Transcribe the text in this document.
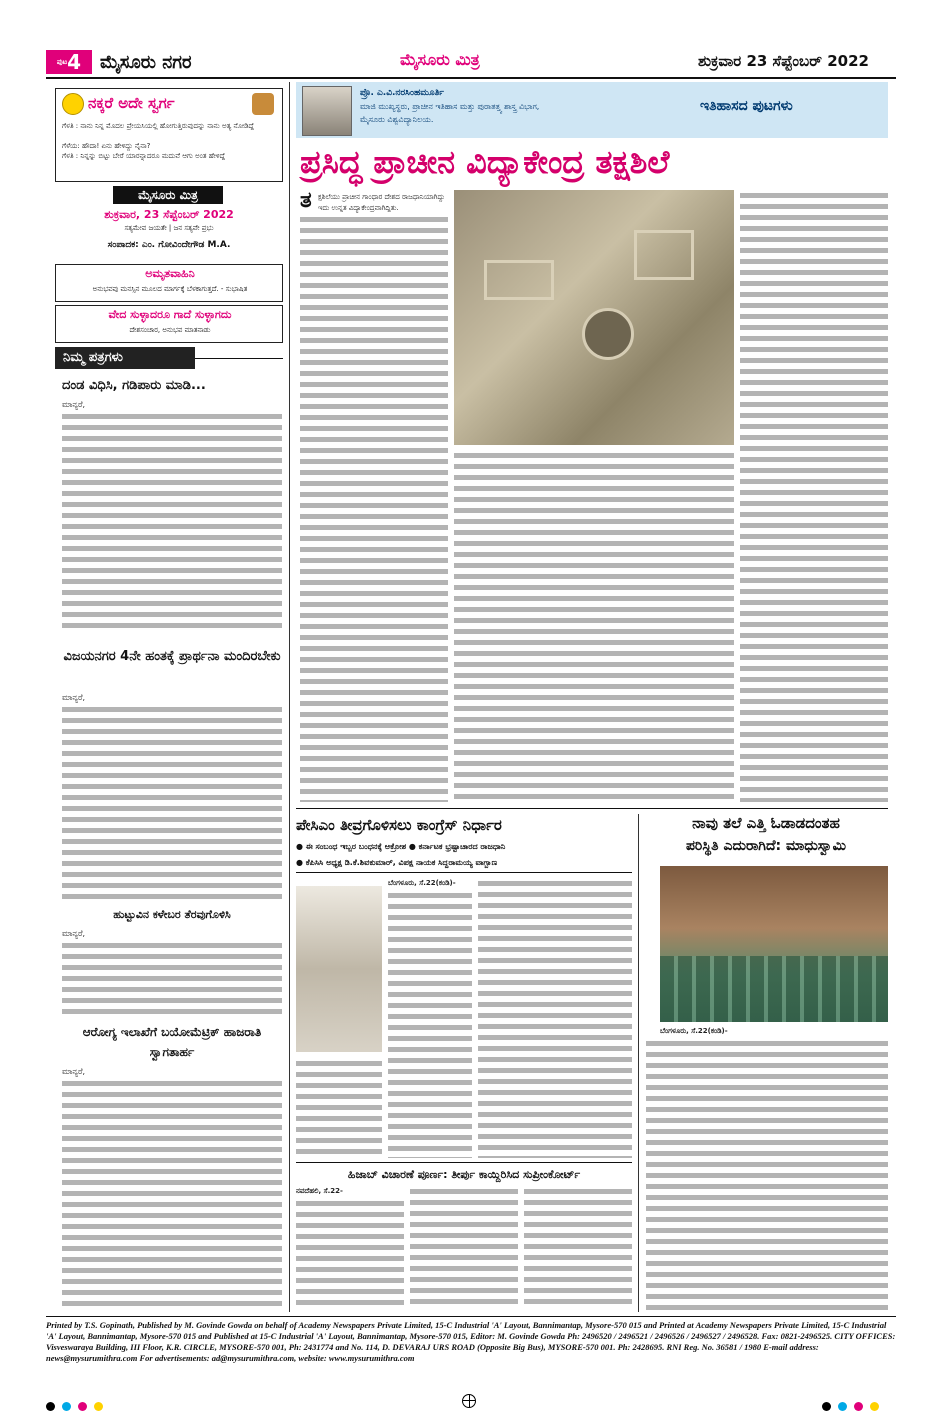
$^{ಪುಟ}$4	ಮೈಸೂರು ನಗರ	ಮೈಸೂರು ಮಿತ್ರ	ಶುಕ್ರವಾರ 23 ಸೆಪ್ಟೆಂಬರ್ 2022
ನಕ್ಕರೆ ಅದೇ ಸ್ವರ್ಗ
ಗೆಳತಿ : ನಾನು ನಿನ್ನ ಮೊದಲ ಪ್ರೇಯಸಿಯಲ್ಲಿ ಹೋಗುತ್ತಿರುವುದನ್ನು ನಾನು ಅತ್ಯ ನೋಡಿದ್ದೆ
ಗೆಳೆಯ: ಹೌದಾ! ಏನು ಹೇಳಿದ್ದು ನೈನಾ?
ಗೆಳತಿ : ನಿನ್ನನ್ನು ಬಿಟ್ಟು ಬೇರೆ ಯಾರನ್ನಾದರೂ ಮದುವೆ ಆಗು ಅಂತ ಹೇಳಿದ್ದೆ
ಮೈಸೂರು ಮಿತ್ರ
ಶುಕ್ರವಾರ, 23 ಸೆಪ್ಟೆಂಬರ್ 2022
ಸತ್ಯಮೇವ ಜಯತೇ | ಜನ ಸತ್ಯವೇ ಪ್ರಭು
ಸಂಪಾದಕ: ಎಂ. ಗೋವಿಂದೇಗೌಡ M.A.
ಅಮೃತವಾಹಿನಿ
ಅನುಭವವು ಮನಸ್ಸಿನ ಮೂಲದ ಮಾರ್ಗಕ್ಕೆ ಬೆಳಕಾಗುತ್ತದೆ. - ಸುಭಾಷಿತ
ವೇದ ಸುಳ್ಳಾದರೂ ಗಾದೆ ಸುಳ್ಳಾಗದು
ದೇಶಸಂಚಾರ, ಅನುಭವ ಮಾತನಾಡು
ನಿಮ್ಮ ಪತ್ರಗಳು
ದಂಡ ವಿಧಿಸಿ, ಗಡಿಪಾರು ಮಾಡಿ...
ಮಾನ್ಯರೆ,
ವಿಜಯನಗರ 4ನೇ ಹಂತಕ್ಕೆ ಪ್ರಾರ್ಥನಾ ಮಂದಿರಬೇಕು
ಮಾನ್ಯರೆ,
ಹುಟ್ಟುವಿನ ಕಳೇಬರ ತೆರವುಗೊಳಿಸಿ
ಮಾನ್ಯರೆ,
ಆರೋಗ್ಯ ಇಲಾಖೆಗೆ ಬಯೋಮೆಟ್ರಿಕ್ ಹಾಜರಾತಿ ಸ್ವಾಗತಾರ್ಹ
ಮಾನ್ಯರೆ,
ಪ್ರೊ. ಎ.ವಿ.ನರಸಿಂಹಮೂರ್ತಿ
ಮಾಜಿ ಮುಖ್ಯಸ್ಥರು, ಪ್ರಾಚೀನ ಇತಿಹಾಸ ಮತ್ತು ಪುರಾತತ್ತ್ವ ಶಾಸ್ತ್ರ ವಿಭಾಗ,
ಮೈಸೂರು ವಿಶ್ವವಿದ್ಯಾನಿಲಯ.
ಇತಿಹಾಸದ ಪುಟಗಳು
ಪ್ರಸಿದ್ಧ ಪ್ರಾಚೀನ ವಿದ್ಯಾಕೇಂದ್ರ ತಕ್ಷಶಿಲೆ
ತ ಕ್ಷಶಿಲೆಯು ಪ್ರಾಚೀನ ಗಾಂಧಾರ ದೇಶದ ರಾಜಧಾನಿಯಾಗಿದ್ದು ಇದು ಉನ್ನತ ವಿದ್ಯಾಕೇಂದ್ರವಾಗಿದ್ದಿತು.
ಪೇಸಿಎಂ ತೀವ್ರಗೊಳಿಸಲು ಕಾಂಗ್ರೆಸ್ ನಿರ್ಧಾರ
● ಈ ಸಂಬಂಧ ಇಬ್ಬರ ಬಂಧನಕ್ಕೆ ಆಕ್ರೋಶ ● ಕರ್ನಾಟಕ ಭ್ರಷ್ಟಾಚಾರದ ರಾಜಧಾನಿ
● ಕೆಪಿಸಿಸಿ ಅಧ್ಯಕ್ಷ ಡಿ.ಕೆ.ಶಿವಕುಮಾರ್, ವಿಪಕ್ಷ ನಾಯಕ ಸಿದ್ದರಾಮಯ್ಯ ವಾಗ್ಬಾಣ
ಬೆಂಗಳೂರು, ಸೆ.22(ಕಂಡಿ)-
ನಾವು ತಲೆ ಎತ್ತಿ ಓಡಾಡದಂತಹ
ಪರಿಸ್ಥಿತಿ ಎದುರಾಗಿದೆ: ಮಾಧುಸ್ವಾಮಿ
ಬೆಂಗಳೂರು, ಸೆ.22(ಕಂಡಿ)-
ಹಿಜಾಬ್ ವಿಚಾರಣೆ ಪೂರ್ಣ: ತೀರ್ಪು ಕಾಯ್ದಿರಿಸಿದ ಸುಪ್ರೀಂಕೋರ್ಟ್
ನವದೆಹಲಿ, ಸೆ.22-
Printed by T.S. Gopinath, Published by M. Govinde Gowda on behalf of Academy Newspapers Private Limited, 15-C Industrial 'A' Layout, Bannimantap, Mysore-570 015 and Printed at Academy Newspapers Private Limited, 15-C Industrial 'A' Layout, Bannimantap, Mysore-570 015 and Published at 15-C Industrial 'A' Layout, Bannimantap, Mysore-570 015, Editor: M. Govinde Gowda Ph: 2496520 / 2496521 / 2496526 / 2496527 / 2496528. Fax: 0821-2496525. CITY OFFICES: Visveswaraya Building, III Floor, K.R. CIRCLE, MYSORE-570 001, Ph: 2431774 and No. 114, D. DEVARAJ URS ROAD (Opposite Big Bus), MYSORE-570 001. Ph: 2428695. RNI Reg. No. 36581 / 1980 E-mail address: news@mysurumithra.com For advertisements: ad@mysurumithra.com, website: www.mysurumithra.com
